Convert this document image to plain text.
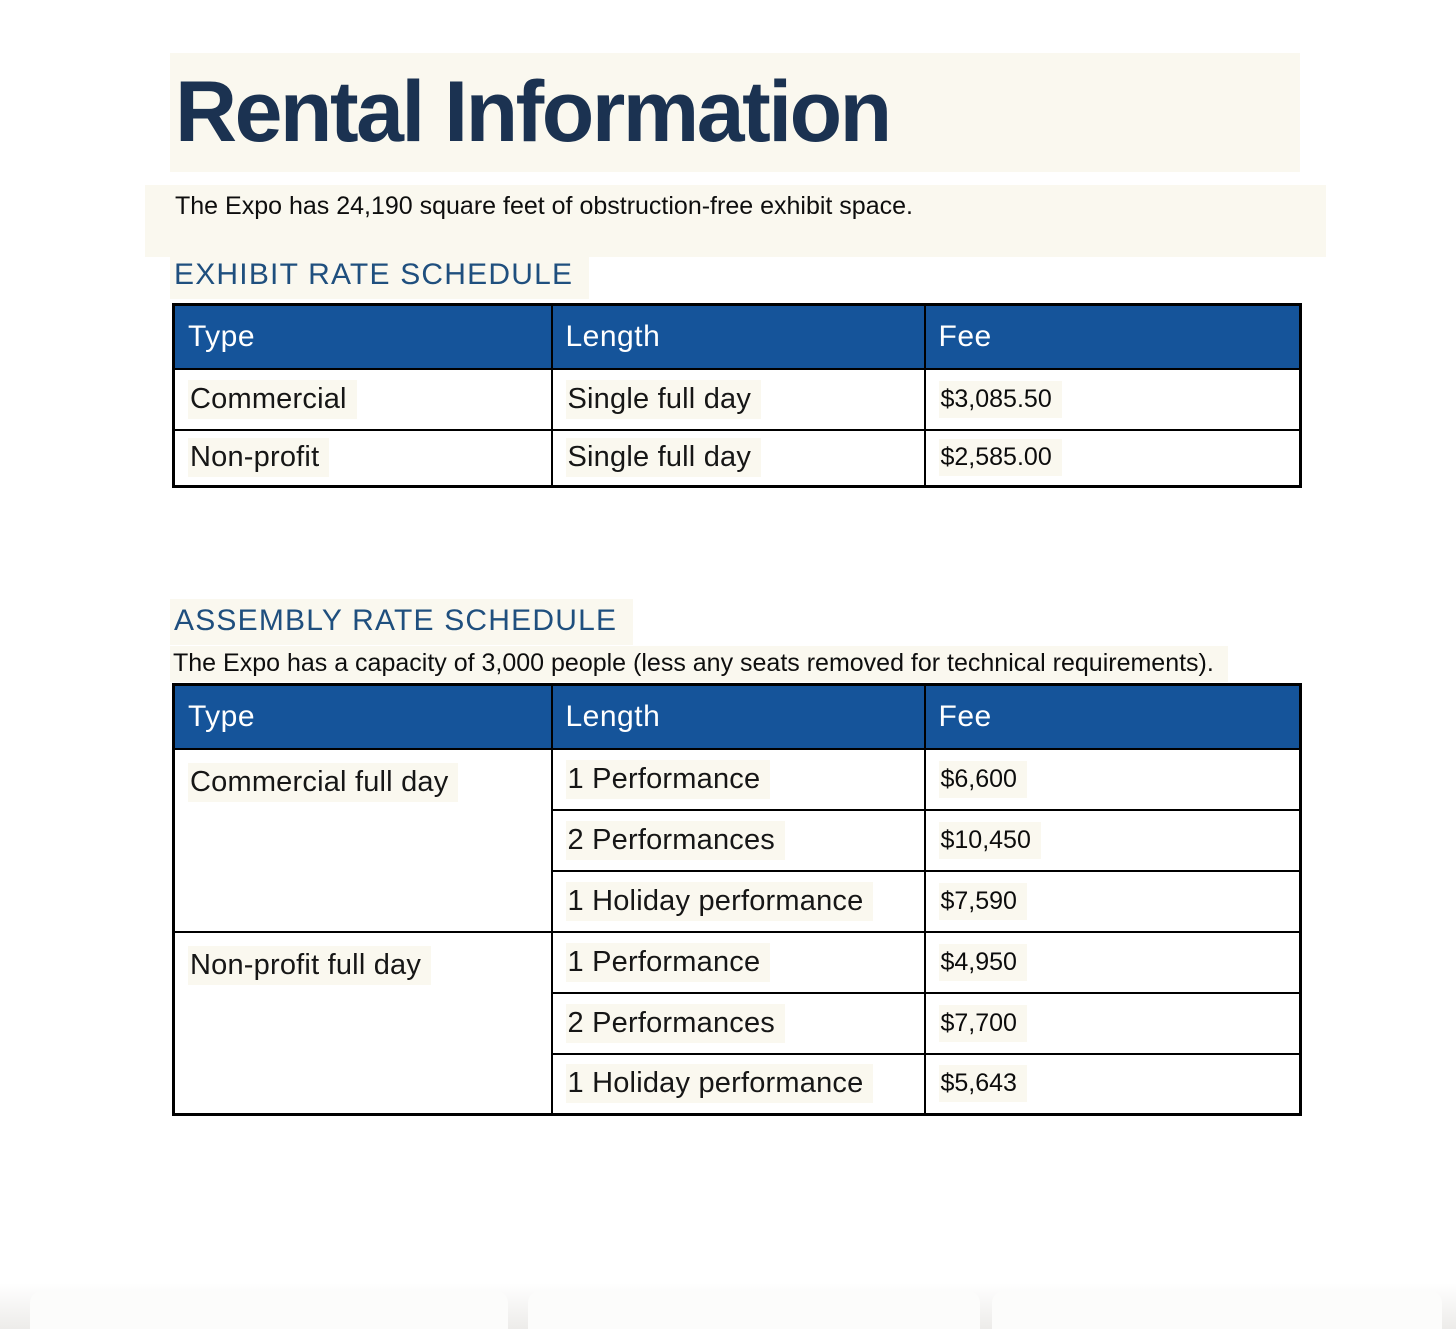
Rental Information

The Expo has 24,190 square feet of obstruction-free exhibit space.

EXHIBIT RATE SCHEDULE
Type	Length	Fee
Commercial	Single full day	$3,085.50
Non-profit	Single full day	$2,585.00
ASSEMBLY RATE SCHEDULE

The Expo has a capacity of 3,000 people (less any seats removed for technical requirements).

Type	Length	Fee
Commercial full day	1 Performance	$6,600
	2 Performances	$10,450
	1 Holiday performance	$7,590
Non-profit full day	1 Performance	$4,950
	2 Performances	$7,700
	1 Holiday performance	$5,643
